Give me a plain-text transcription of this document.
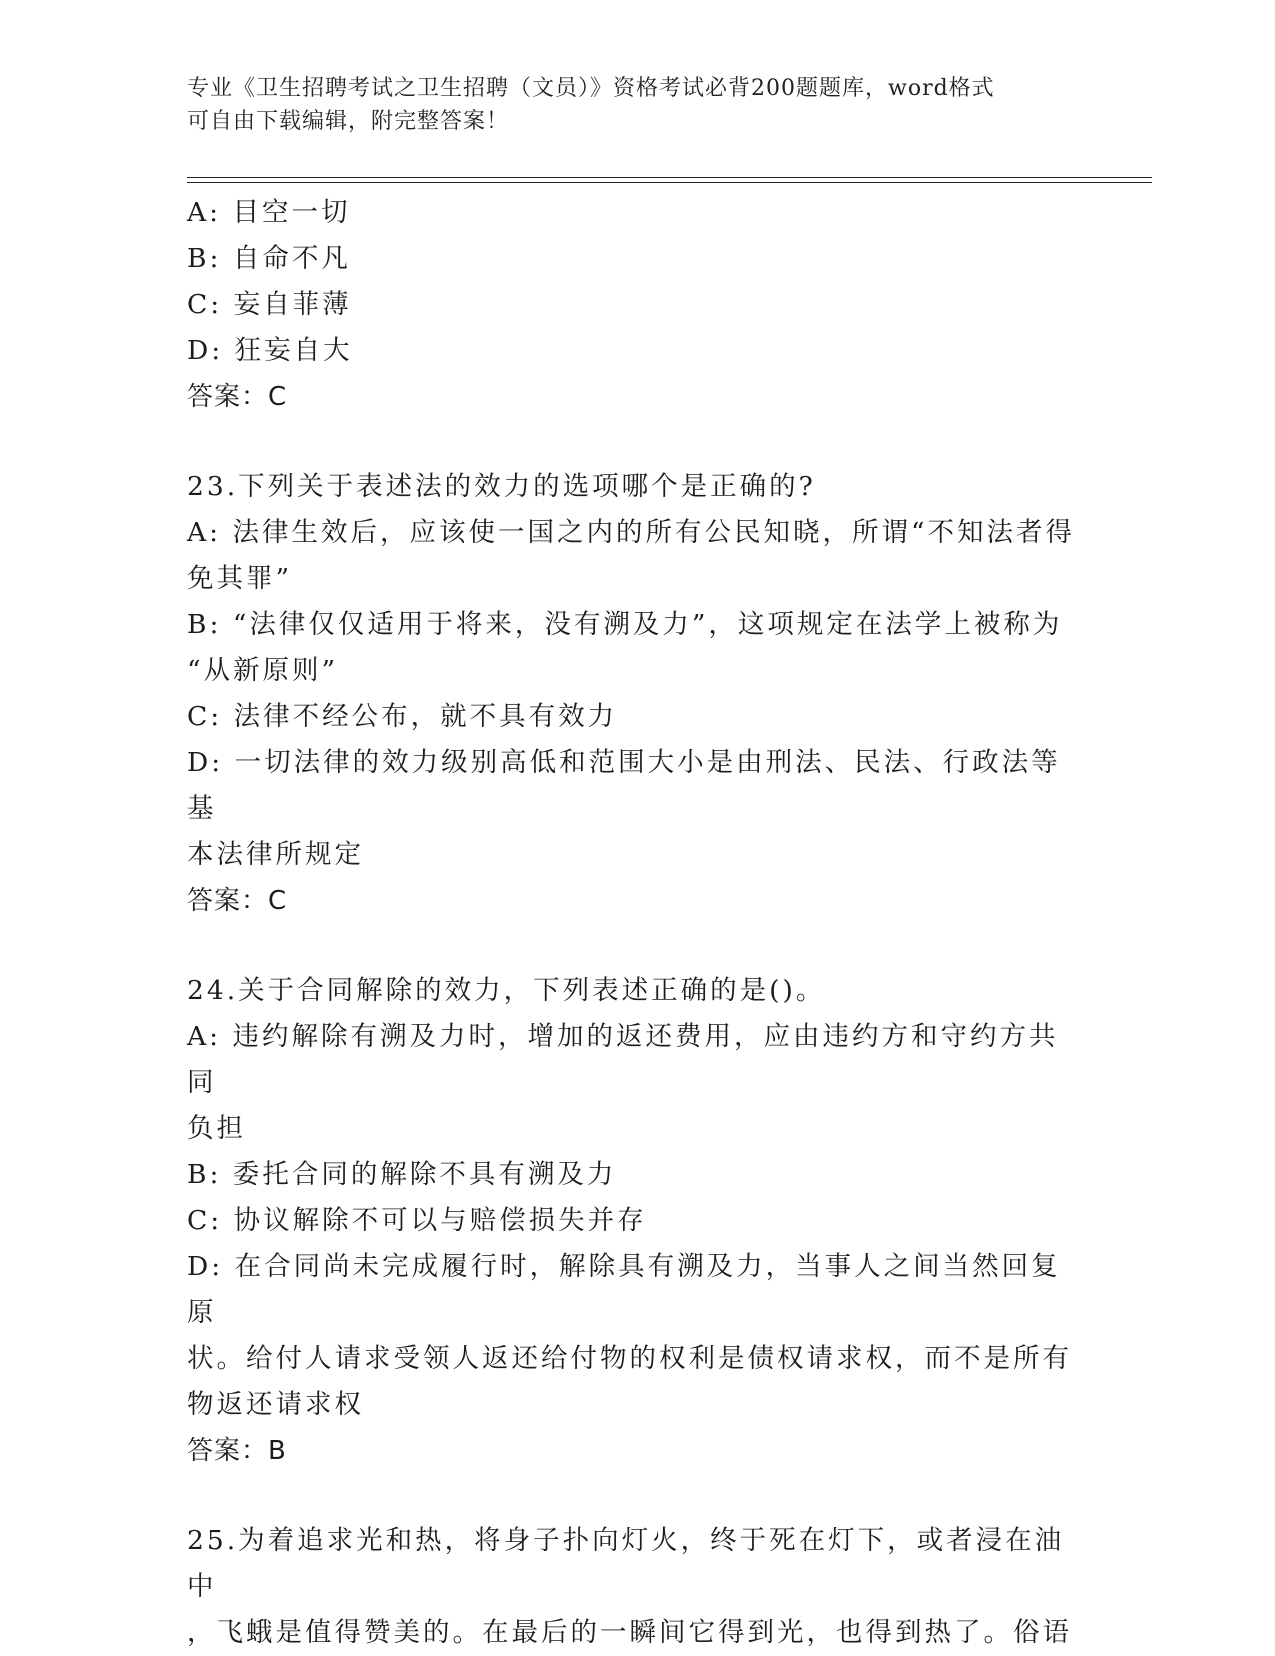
专业《卫生招聘考试之卫生招聘（文员）》资格考试必背200题题库，word格式
可自由下载编辑，附完整答案！
A: 目空一切
B: 自命不凡
C: 妄自菲薄
D: 狂妄自大
答案：C
23.下列关于表述法的效力的选项哪个是正确的?
A: 法律生效后，应该使一国之内的所有公民知晓，所谓“不知法者得
免其罪”
B: “法律仅仅适用于将来，没有溯及力”，这项规定在法学上被称为
“从新原则”
C: 法律不经公布，就不具有效力
D: 一切法律的效力级别高低和范围大小是由刑法、民法、行政法等基
本法律所规定
答案：C
24.关于合同解除的效力，下列表述正确的是()。
A: 违约解除有溯及力时，增加的返还费用，应由违约方和守约方共同
负担
B: 委托合同的解除不具有溯及力
C: 协议解除不可以与赔偿损失并存
D: 在合同尚未完成履行时，解除具有溯及力，当事人之间当然回复原
状。给付人请求受领人返还给付物的权利是债权请求权，而不是所有
物返还请求权
答案：B
25.为着追求光和热，将身子扑向灯火，终于死在灯下，或者浸在油中
，飞蛾是值得赞美的。在最后的一瞬间它得到光，也得到热了。俗语
